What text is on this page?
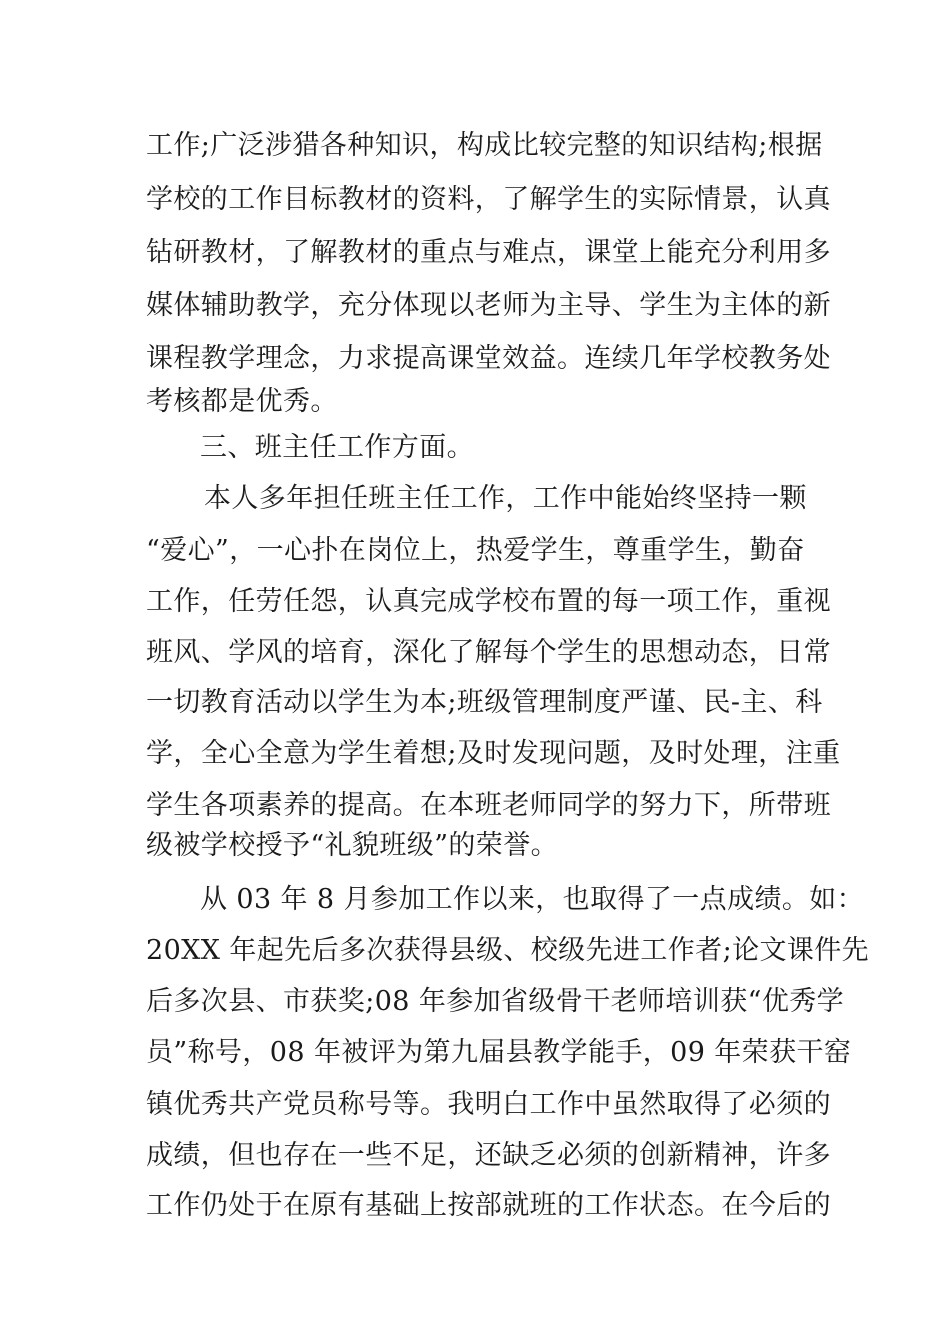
工作;广泛涉猎各种知识，构成比较完整的知识结构;根据
学校的工作目标教材的资料，了解学生的实际情景，认真
钻研教材，了解教材的重点与难点，课堂上能充分利用多
媒体辅助教学，充分体现以老师为主导、学生为主体的新
课程教学理念，力求提高课堂效益。连续几年学校教务处
考核都是优秀。
三、班主任工作方面。
本人多年担任班主任工作，工作中能始终坚持一颗
“爱心”，一心扑在岗位上，热爱学生，尊重学生，勤奋
工作，任劳任怨，认真完成学校布置的每一项工作，重视
班风、学风的培育，深化了解每个学生的思想动态，日常
一切教育活动以学生为本;班级管理制度严谨、民-主、科
学，全心全意为学生着想;及时发现问题，及时处理，注重
学生各项素养的提高。在本班老师同学的努力下，所带班
级被学校授予“礼貌班级”的荣誉。
从 03 年 8 月参加工作以来，也取得了一点成绩。如：
20XX 年起先后多次获得县级、校级先进工作者;论文课件先
后多次县、市获奖;08 年参加省级骨干老师培训获“优秀学
员”称号，08 年被评为第九届县教学能手，09 年荣获干窑
镇优秀共产党员称号等。我明白工作中虽然取得了必须的
成绩，但也存在一些不足，还缺乏必须的创新精神，许多
工作仍处于在原有基础上按部就班的工作状态。在今后的
